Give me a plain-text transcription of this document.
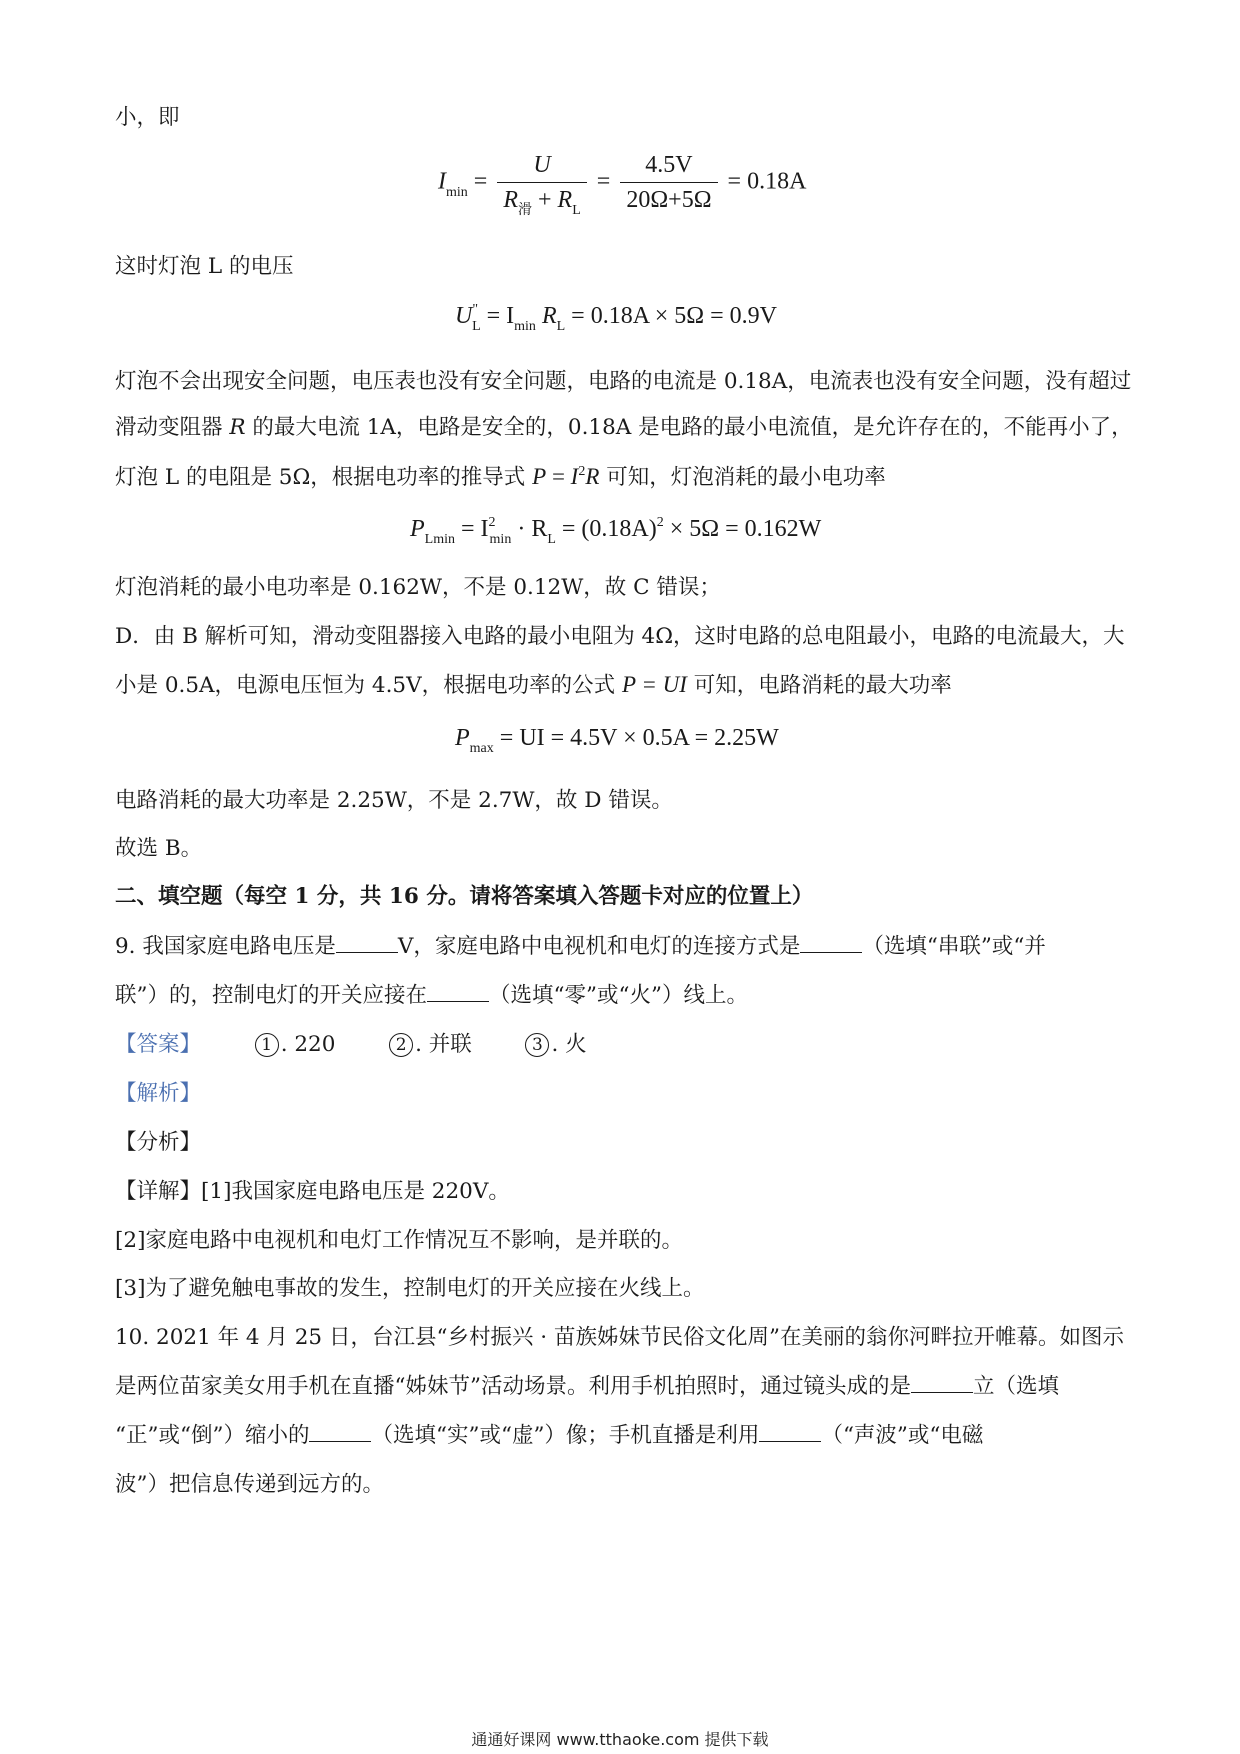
小，即
$I_{min} = \frac{U}{R_滑 + R_L} = \frac{4.5V}{20\Omega+5\Omega} = 0.18A$
这时灯泡 L 的电压
$U^"_L = I_{min}$ $R_L = 0.18A \times 5\Omega = 0.9V$
灯泡不会出现安全问题，电压表也没有安全问题，电路的电流是 0.18A，电流表也没有安全问题，没有超过
滑动变阻器 R 的最大电流 1A，电路是安全的，0.18A 是电路的最小电流值，是允许存在的，不能再小了，
灯泡 L 的电阻是 5Ω，根据电功率的推导式 $P = I^2R$ 可知，灯泡消耗的最小电功率
$P_{Lmin} = I^2_{min} \cdot R_L = (0.18A)^2 \times 5\Omega = 0.162W$
灯泡消耗的最小电功率是 0.162W，不是 0.12W，故 C 错误；
D．由 B 解析可知，滑动变阻器接入电路的最小电阻为 4Ω，这时电路的总电阻最小，电路的电流最大，大
小是 0.5A，电源电压恒为 4.5V，根据电功率的公式 P = UI 可知，电路消耗的最大功率
$P_{max}$ = UI = 4.5V × 0.5A = 2.25W
电路消耗的最大功率是 2.25W，不是 2.7W，故 D 错误。
故选 B。
二、填空题（每空 1 分，共 16 分。请将答案填入答题卡对应的位置上）
9. 我国家庭电路电压是	V，家庭电路中电视机和电灯的连接方式是	（选填“串联”或“并
联”）的，控制电灯的开关应接在	（选填“零”或“火”）线上。
【答案】	1 . 220	2 . 并联	3 . 火
【解析】
【分析】
【详解】[1]我国家庭电路电压是 220V。
[2]家庭电路中电视机和电灯工作情况互不影响，是并联的。
[3]为了避免触电事故的发生，控制电灯的开关应接在火线上。
10. 2021 年 4 月 25 日，台江县“乡村振兴 · 苗族姊妹节民俗文化周”在美丽的翁你河畔拉开帷幕。如图示
是两位苗家美女用手机在直播“姊妹节”活动场景。利用手机拍照时，通过镜头成的是	立（选填
“正”或“倒”）缩小的	（选填“实”或“虚”）像；手机直播是利用	（“声波”或“电磁
波”）把信息传递到远方的。
通通好课网 www.tthaoke.com 提供下载
